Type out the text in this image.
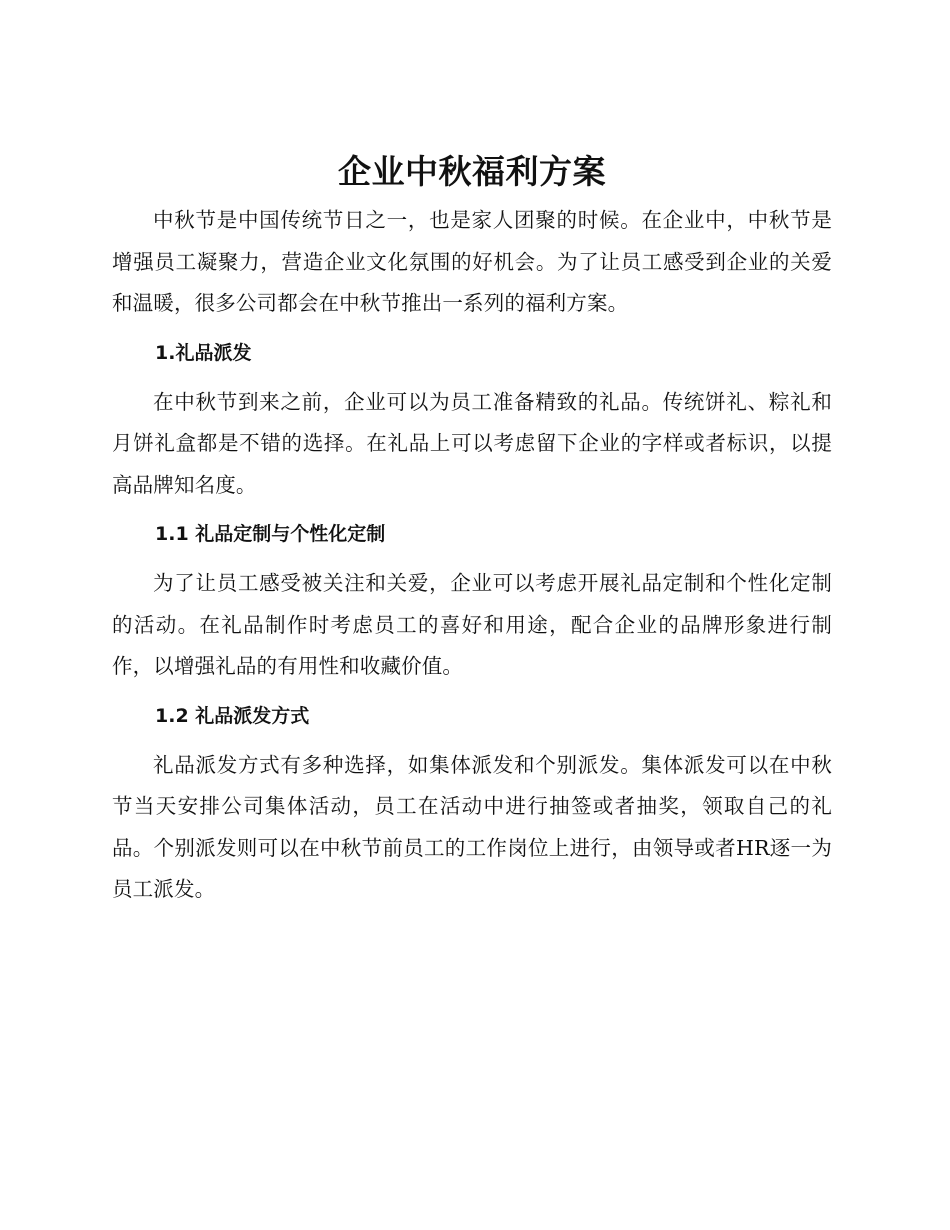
企业中秋福利方案

中秋节是中国传统节日之一，也是家人团聚的时候。在企业中，中秋节是增强员工凝聚力，营造企业文化氛围的好机会。为了让员工感受到企业的关爱和温暖，很多公司都会在中秋节推出一系列的福利方案。

1.礼品派发

在中秋节到来之前，企业可以为员工准备精致的礼品。传统饼礼、粽礼和月饼礼盒都是不错的选择。在礼品上可以考虑留下企业的字样或者标识，以提高品牌知名度。

1.1 礼品定制与个性化定制

为了让员工感受被关注和关爱，企业可以考虑开展礼品定制和个性化定制的活动。在礼品制作时考虑员工的喜好和用途，配合企业的品牌形象进行制作，以增强礼品的有用性和收藏价值。

1.2 礼品派发方式

礼品派发方式有多种选择，如集体派发和个别派发。集体派发可以在中秋节当天安排公司集体活动，员工在活动中进行抽签或者抽奖，领取自己的礼品。个别派发则可以在中秋节前员工的工作岗位上进行，由领导或者HR逐一为员工派发。
